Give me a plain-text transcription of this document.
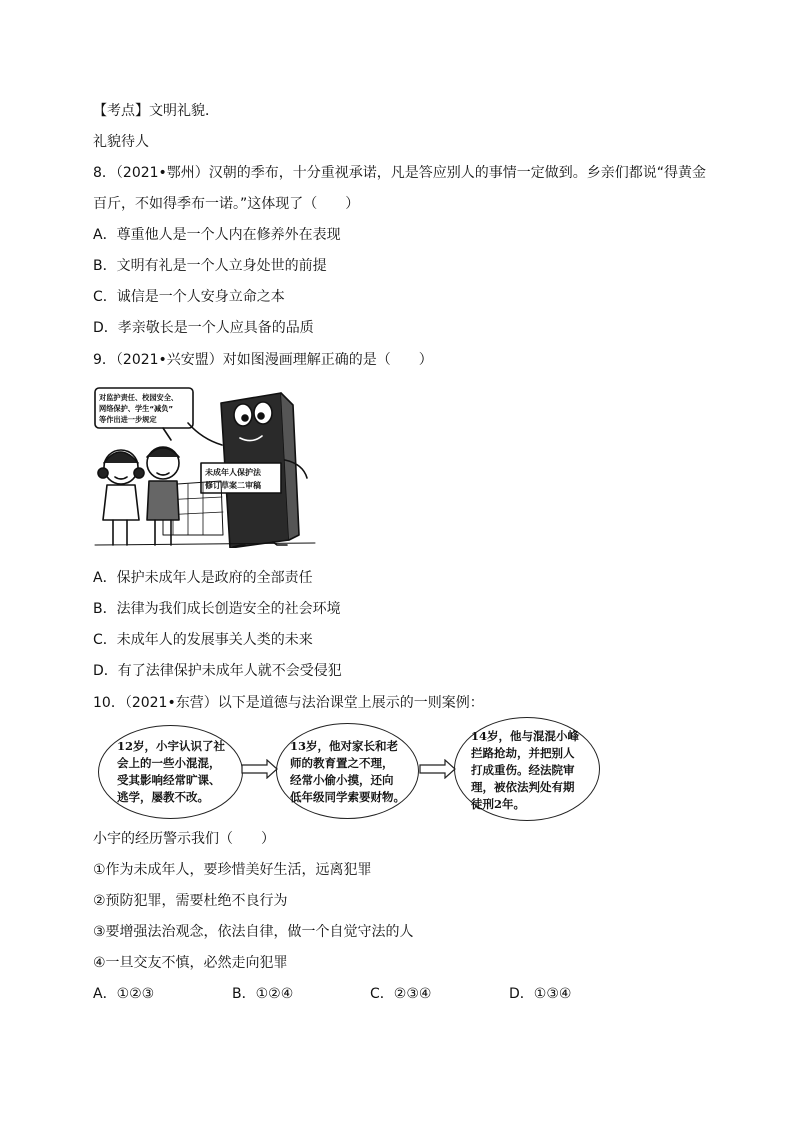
【考点】文明礼貌．
礼貌待人
8．（2021•鄂州）汉朝的季布，十分重视承诺，凡是答应别人的事情一定做到。乡亲们都说“得黄金
百斤，不如得季布一诺。”这体现了（　　）
A．尊重他人是一个人内在修养外在表现
B．文明有礼是一个人立身处世的前提
C．诚信是一个人安身立命之本
D．孝亲敬长是一个人应具备的品质
9．（2021•兴安盟）对如图漫画理解正确的是（　　）
对监护责任、校园安全、
网络保护、学生“减负”
等作出进一步规定
未成年人保护法
修订草案二审稿
A．保护未成年人是政府的全部责任
B．法律为我们成长创造安全的社会环境
C．未成年人的发展事关人类的未来
D．有了法律保护未成年人就不会受侵犯
10．（2021•东营）以下是道德与法治课堂上展示的一则案例：
12岁，小宇认识了社
会上的一些小混混，
受其影响经常旷课、
逃学，屡教不改。
13岁，他对家长和老
师的教育置之不理，
经常小偷小摸，还向
低年级同学索要财物。
14岁，他与混混小峰
拦路抢劫，并把别人
打成重伤。经法院审
理，被依法判处有期
徒刑2年。
小宇的经历警示我们（　　）
①作为未成年人，要珍惜美好生活，远离犯罪
②预防犯罪，需要杜绝不良行为
③要增强法治观念，依法自律，做一个自觉守法的人
④一旦交友不慎，必然走向犯罪
A．①②③	B．①②④	C．②③④	D．①③④
